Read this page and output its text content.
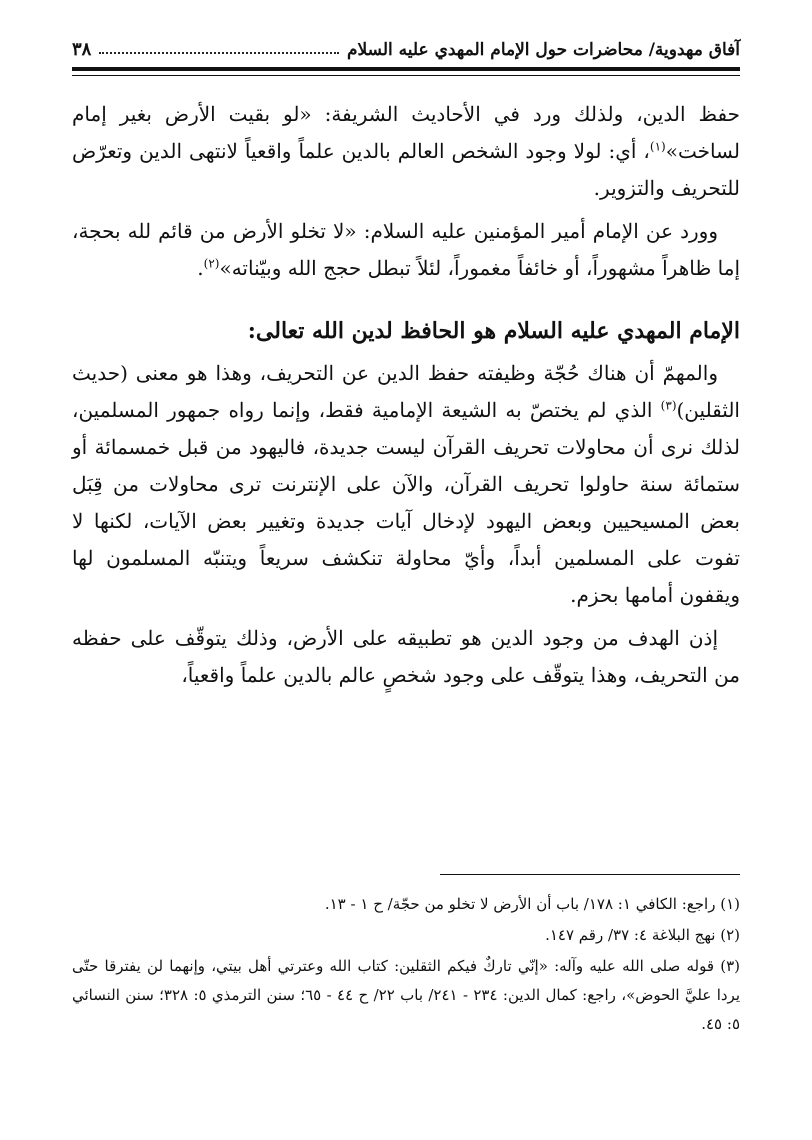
آفاق مهدوية/ محاضرات حول الإمام المهدي عليه السلام
٣٨

حفظ الدين، ولذلك ورد في الأحاديث الشريفة: «لو بقيت الأرض بغير إمام لساخت»$^{(١)}$، أي: لولا وجود الشخص العالم بالدين علماً واقعياً لانتهى الدين وتعرّض للتحريف والتزوير.

وورد عن الإمام أمير المؤمنين عليه السلام: «لا تخلو الأرض من قائم لله بحجة، إما ظاهراً مشهوراً، أو خائفاً مغموراً، لئلاً تبطل حجج الله وبيّناته»$^{(٢)}$.

الإمام المهدي عليه السلام هو الحافظ لدين الله تعالى:

والمهمّ أن هناك حُجّة وظيفته حفظ الدين عن التحريف، وهذا هو معنى (حديث الثقلين)$^{(٣)}$ الذي لم يختصّ به الشيعة الإمامية فقط، وإنما رواه جمهور المسلمين، لذلك نرى أن محاولات تحريف القرآن ليست جديدة، فاليهود من قبل خمسمائة أو ستمائة سنة حاولوا تحريف القرآن، والآن على الإنترنت ترى محاولات من قِبَل بعض المسيحيين وبعض اليهود لإدخال آيات جديدة وتغيير بعض الآيات، لكنها لا تفوت على المسلمين أبداً، وأيّ محاولة تنكشف سريعاً ويتنبّه المسلمون لها ويقفون أمامها بحزم.

إذن الهدف من وجود الدين هو تطبيقه على الأرض، وذلك يتوقّف على حفظه من التحريف، وهذا يتوقّف على وجود شخصٍ عالم بالدين علماً واقعياً،

(١) راجع: الكافي ١: ١٧٨/ باب أن الأرض لا تخلو من حجّة/ ح ١ - ١٣.

(٢) نهج البلاغة ٤: ٣٧/ رقم ١٤٧.

(٣) قوله صلى الله عليه وآله: «إنّي تاركٌ فيكم الثقلين: كتاب الله وعترتي أهل بيتي، وإنهما لن يفترقا حتّى يردا عليَّ الحوض»، راجع: كمال الدين: ٢٣٤ - ٢٤١/ باب ٢٢/ ح ٤٤ - ٦٥؛ سنن الترمذي ٥: ٣٢٨؛ سنن النسائي ٥: ٤٥.
